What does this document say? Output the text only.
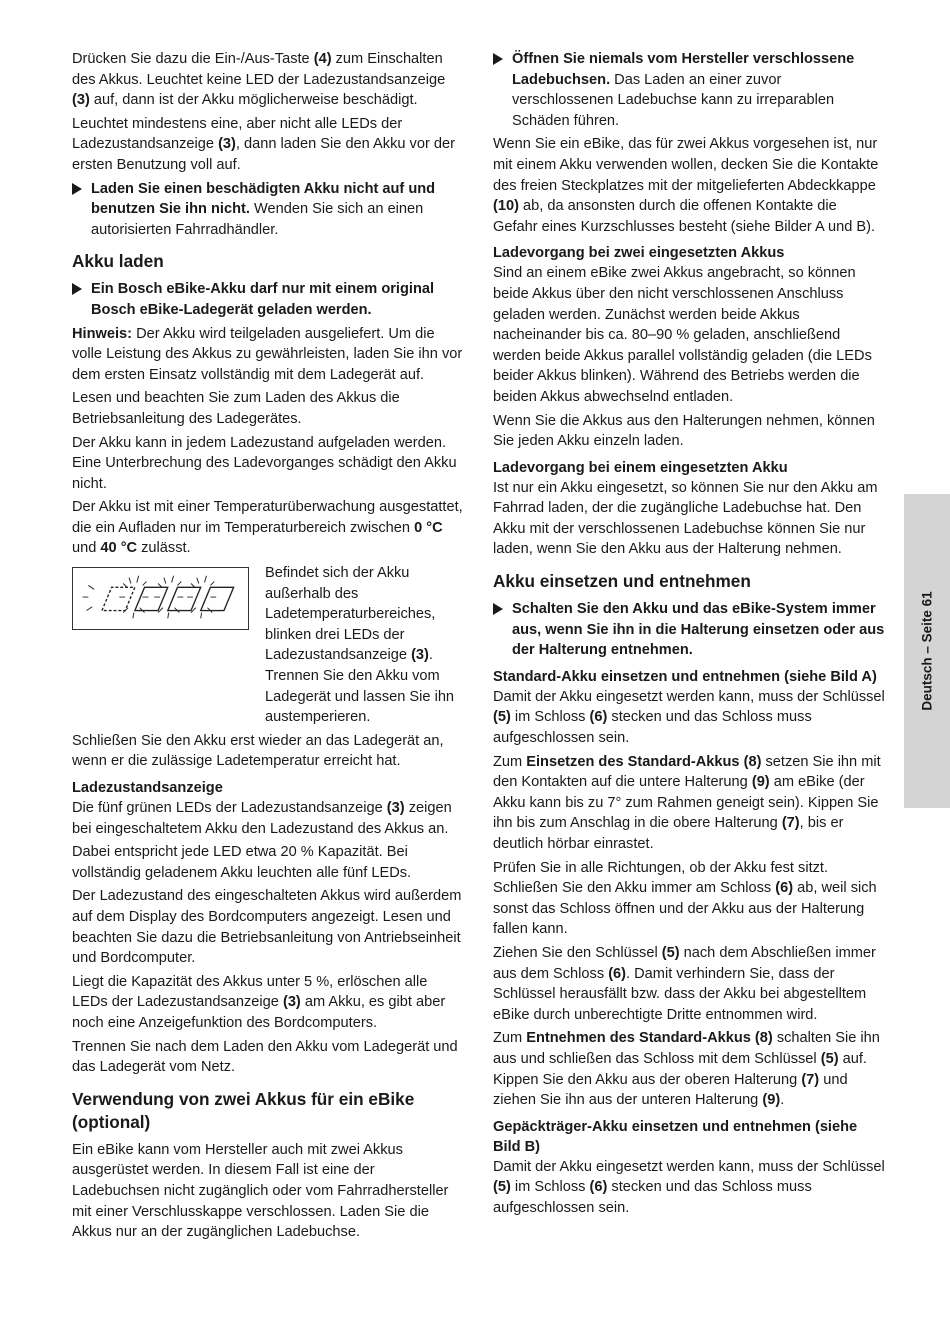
Drücken Sie dazu die Ein-/Aus-Taste (4) zum Einschalten des Akkus. Leuchtet keine LED der Ladezustandsanzeige (3) auf, dann ist der Akku möglicherweise beschädigt.

Leuchtet mindestens eine, aber nicht alle LEDs der Ladezustandsanzeige (3), dann laden Sie den Akku vor der ersten Benutzung voll auf.

Laden Sie einen beschädigten Akku nicht auf und benutzen Sie ihn nicht. Wenden Sie sich an einen autorisierten Fahrradhändler.
Akku laden
Ein Bosch eBike-Akku darf nur mit einem original Bosch eBike-Ladegerät geladen werden.

Hinweis: Der Akku wird teilgeladen ausgeliefert. Um die volle Leistung des Akkus zu gewährleisten, laden Sie ihn vor dem ersten Einsatz vollständig mit dem Ladegerät auf.

Lesen und beachten Sie zum Laden des Akkus die Betriebsanleitung des Ladegerätes.

Der Akku kann in jedem Ladezustand aufgeladen werden. Eine Unterbrechung des Ladevorganges schädigt den Akku nicht.

Der Akku ist mit einer Temperaturüberwachung ausgestattet, die ein Aufladen nur im Temperaturbereich zwischen 0 °C und 40 °C zulässt.

Befindet sich der Akku außerhalb des Ladetemperaturbereiches, blinken drei LEDs der Ladezustandsanzeige (3). Trennen Sie den Akku vom Ladegerät und lassen Sie ihn austemperieren.

Schließen Sie den Akku erst wieder an das Ladegerät an, wenn er die zulässige Ladetemperatur erreicht hat.

Ladezustandsanzeige

Die fünf grünen LEDs der Ladezustandsanzeige (3) zeigen bei eingeschaltetem Akku den Ladezustand des Akkus an.

Dabei entspricht jede LED etwa 20 % Kapazität. Bei vollständig geladenem Akku leuchten alle fünf LEDs.

Der Ladezustand des eingeschalteten Akkus wird außerdem auf dem Display des Bordcomputers angezeigt. Lesen und beachten Sie dazu die Betriebsanleitung von Antriebseinheit und Bordcomputer.

Liegt die Kapazität des Akkus unter 5 %, erlöschen alle LEDs der Ladezustandsanzeige (3) am Akku, es gibt aber noch eine Anzeigefunktion des Bordcomputers.

Trennen Sie nach dem Laden den Akku vom Ladegerät und das Ladegerät vom Netz.

Verwendung von zwei Akkus für ein eBike (optional)

Ein eBike kann vom Hersteller auch mit zwei Akkus ausgerüstet werden. In diesem Fall ist eine der Ladebuchsen nicht zugänglich oder vom Fahrradhersteller mit einer Verschlusskappe verschlossen. Laden Sie die Akkus nur an der zugänglichen Ladebuchse.

Öffnen Sie niemals vom Hersteller verschlossene Ladebuchsen. Das Laden an einer zuvor verschlossenen Ladebuchse kann zu irreparablen Schäden führen.

Wenn Sie ein eBike, das für zwei Akkus vorgesehen ist, nur mit einem Akku verwenden wollen, decken Sie die Kontakte des freien Steckplatzes mit der mitgelieferten Abdeckkappe (10) ab, da ansonsten durch die offenen Kontakte die Gefahr eines Kurzschlusses besteht (siehe Bilder A und B).

Ladevorgang bei zwei eingesetzten Akkus

Sind an einem eBike zwei Akkus angebracht, so können beide Akkus über den nicht verschlossenen Anschluss geladen werden. Zunächst werden beide Akkus nacheinander bis ca. 80–90 % geladen, anschließend werden beide Akkus parallel vollständig geladen (die LEDs beider Akkus blinken). Während des Betriebs werden die beiden Akkus abwechselnd entladen.

Wenn Sie die Akkus aus den Halterungen nehmen, können Sie jeden Akku einzeln laden.

Ladevorgang bei einem eingesetzten Akku

Ist nur ein Akku eingesetzt, so können Sie nur den Akku am Fahrrad laden, der die zugängliche Ladebuchse hat. Den Akku mit der verschlossenen Ladebuchse können Sie nur laden, wenn Sie den Akku aus der Halterung nehmen.

Akku einsetzen und entnehmen
Schalten Sie den Akku und das eBike-System immer aus, wenn Sie ihn in die Halterung einsetzen oder aus der Halterung entnehmen.
Standard-Akku einsetzen und entnehmen (siehe Bild A)

Damit der Akku eingesetzt werden kann, muss der Schlüssel (5) im Schloss (6) stecken und das Schloss muss aufgeschlossen sein.

Zum Einsetzen des Standard-Akkus (8) setzen Sie ihn mit den Kontakten auf die untere Halterung (9) am eBike (der Akku kann bis zu 7° zum Rahmen geneigt sein). Kippen Sie ihn bis zum Anschlag in die obere Halterung (7), bis er deutlich hörbar einrastet.

Prüfen Sie in alle Richtungen, ob der Akku fest sitzt. Schließen Sie den Akku immer am Schloss (6) ab, weil sich sonst das Schloss öffnen und der Akku aus der Halterung fallen kann.

Ziehen Sie den Schlüssel (5) nach dem Abschließen immer aus dem Schloss (6). Damit verhindern Sie, dass der Schlüssel herausfällt bzw. dass der Akku bei abgestelltem eBike durch unberechtigte Dritte entnommen wird.

Zum Entnehmen des Standard-Akkus (8) schalten Sie ihn aus und schließen das Schloss mit dem Schlüssel (5) auf. Kippen Sie den Akku aus der oberen Halterung (7) und ziehen Sie ihn aus der unteren Halterung (9).

Gepäckträger-Akku einsetzen und entnehmen (siehe Bild B)

Damit der Akku eingesetzt werden kann, muss der Schlüssel (5) im Schloss (6) stecken und das Schloss muss aufgeschlossen sein.

Deutsch – Seite 61
